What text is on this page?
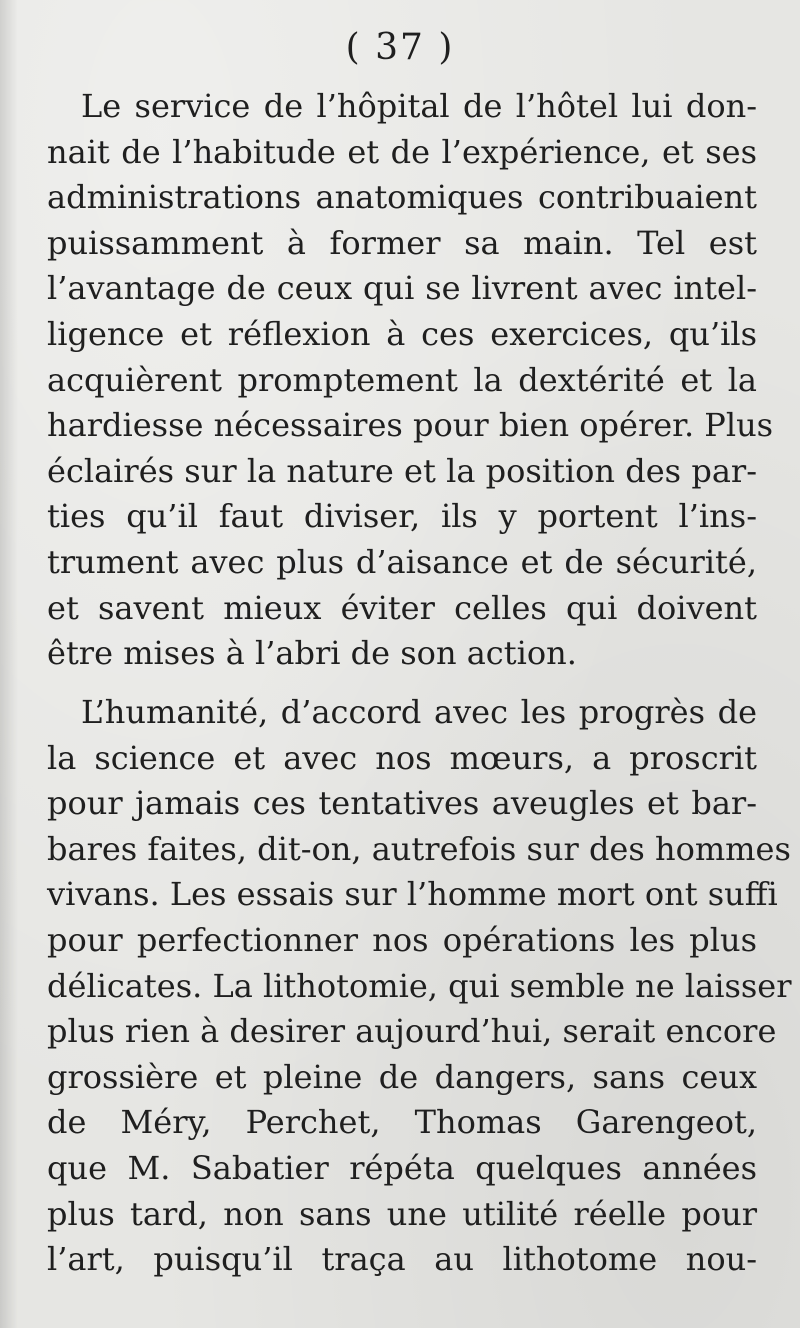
( 37 )
Le service de l’hôpital de l’hôtel lui don-
nait de l’habitude et de l’expérience, et ses
administrations anatomiques contribuaient
puissamment à former sa main. Tel est
l’avantage de ceux qui se livrent avec intel-
ligence et réflexion à ces exercices, qu’ils
acquièrent promptement la dextérité et la
hardiesse nécessaires pour bien opérer. Plus
éclairés sur la nature et la position des par-
ties qu’il faut diviser, ils y portent l’ins-
trument avec plus d’aisance et de sécurité,
et savent mieux éviter celles qui doivent
être mises à l’abri de son action.
L’humanité, d’accord avec les progrès de
la science et avec nos mœurs, a proscrit
pour jamais ces tentatives aveugles et bar-
bares faites, dit-on, autrefois sur des hommes
vivans. Les essais sur l’homme mort ont suffi
pour perfectionner nos opérations les plus
délicates. La lithotomie, qui semble ne laisser
plus rien à desirer aujourd’hui, serait encore
grossière et pleine de dangers, sans ceux
de Méry, Perchet, Thomas Garengeot,
que M. Sabatier répéta quelques années
plus tard, non sans une utilité réelle pour
l’art, puisqu’il traça au lithotome nou-
